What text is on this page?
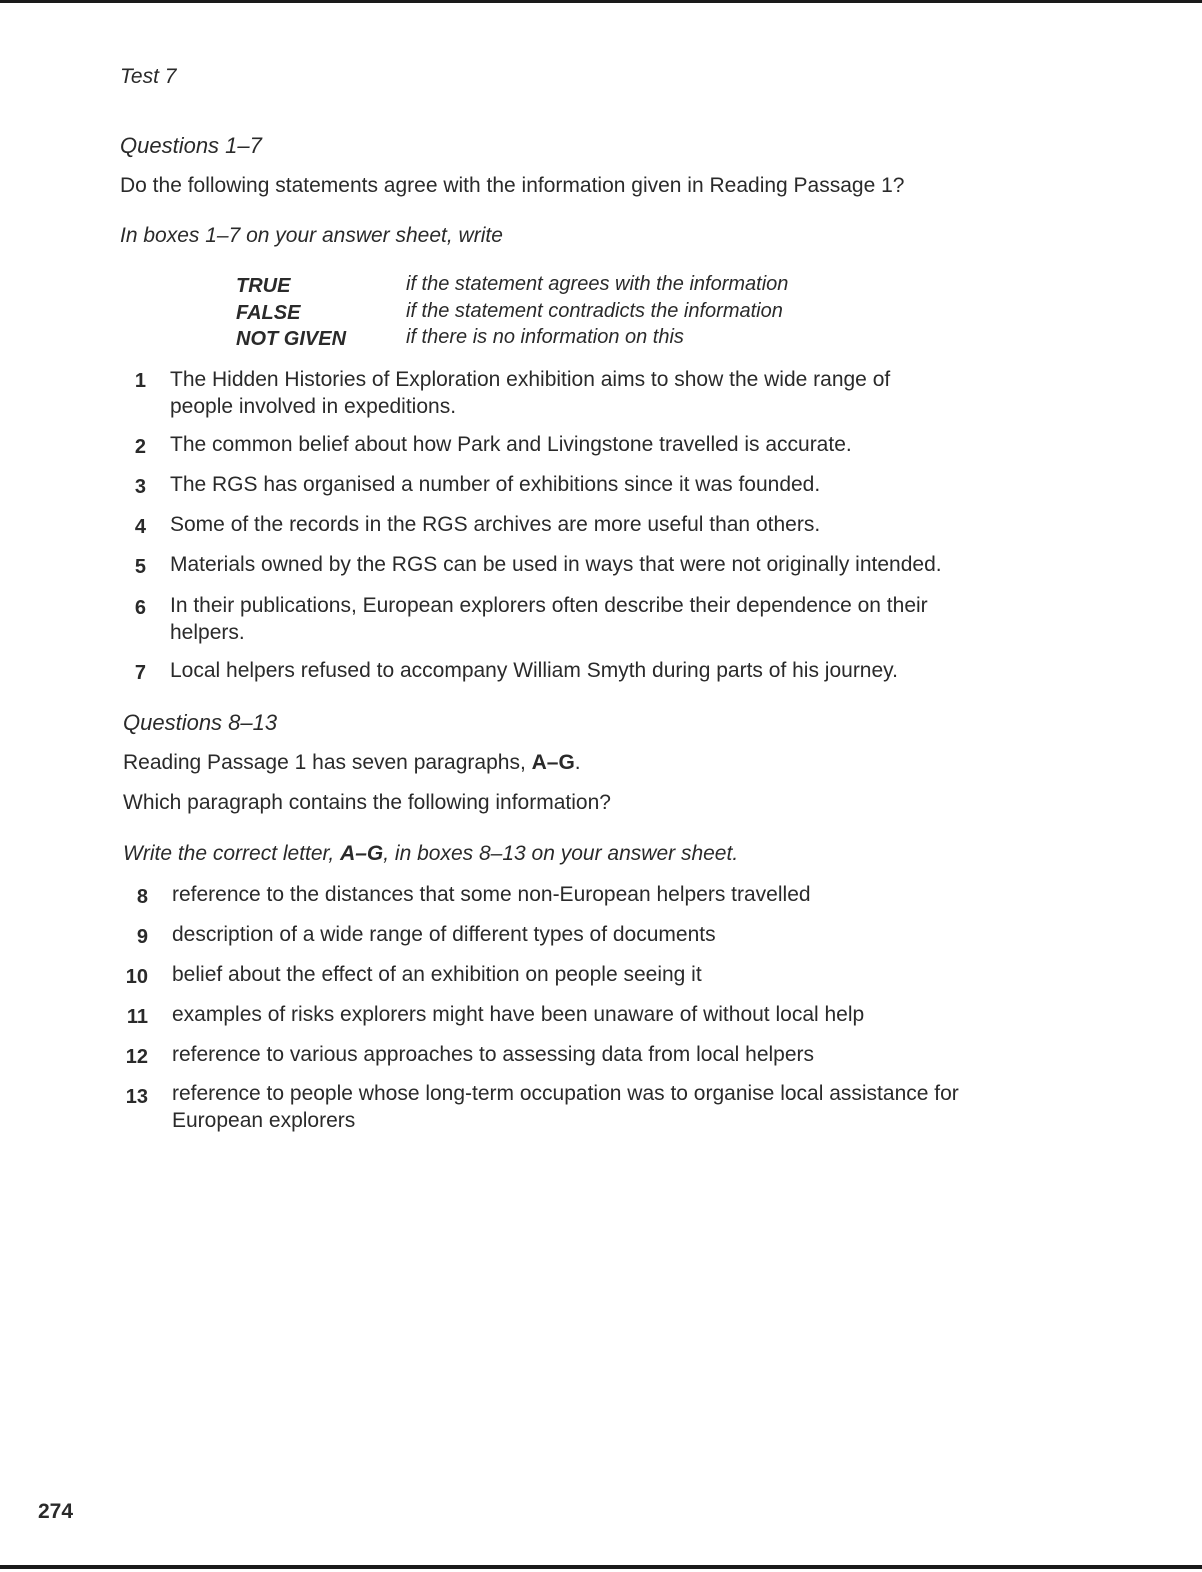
Test 7
Questions 1–7
Do the following statements agree with the information given in Reading Passage 1?
In boxes 1–7 on your answer sheet, write
TRUE	if the statement agrees with the information
FALSE	if the statement contradicts the information
NOT GIVEN	if there is no information on this
1 The Hidden Histories of Exploration exhibition aims to show the wide range of people involved in expeditions.
2 The common belief about how Park and Livingstone travelled is accurate.
3 The RGS has organised a number of exhibitions since it was founded.
4 Some of the records in the RGS archives are more useful than others.
5 Materials owned by the RGS can be used in ways that were not originally intended.
6 In their publications, European explorers often describe their dependence on their helpers.
7 Local helpers refused to accompany William Smyth during parts of his journey.
Questions 8–13
Reading Passage 1 has seven paragraphs, A–G.
Which paragraph contains the following information?
Write the correct letter, A–G, in boxes 8–13 on your answer sheet.
8 reference to the distances that some non-European helpers travelled
9 description of a wide range of different types of documents
10 belief about the effect of an exhibition on people seeing it
11 examples of risks explorers might have been unaware of without local help
12 reference to various approaches to assessing data from local helpers
13 reference to people whose long-term occupation was to organise local assistance for European explorers
274
